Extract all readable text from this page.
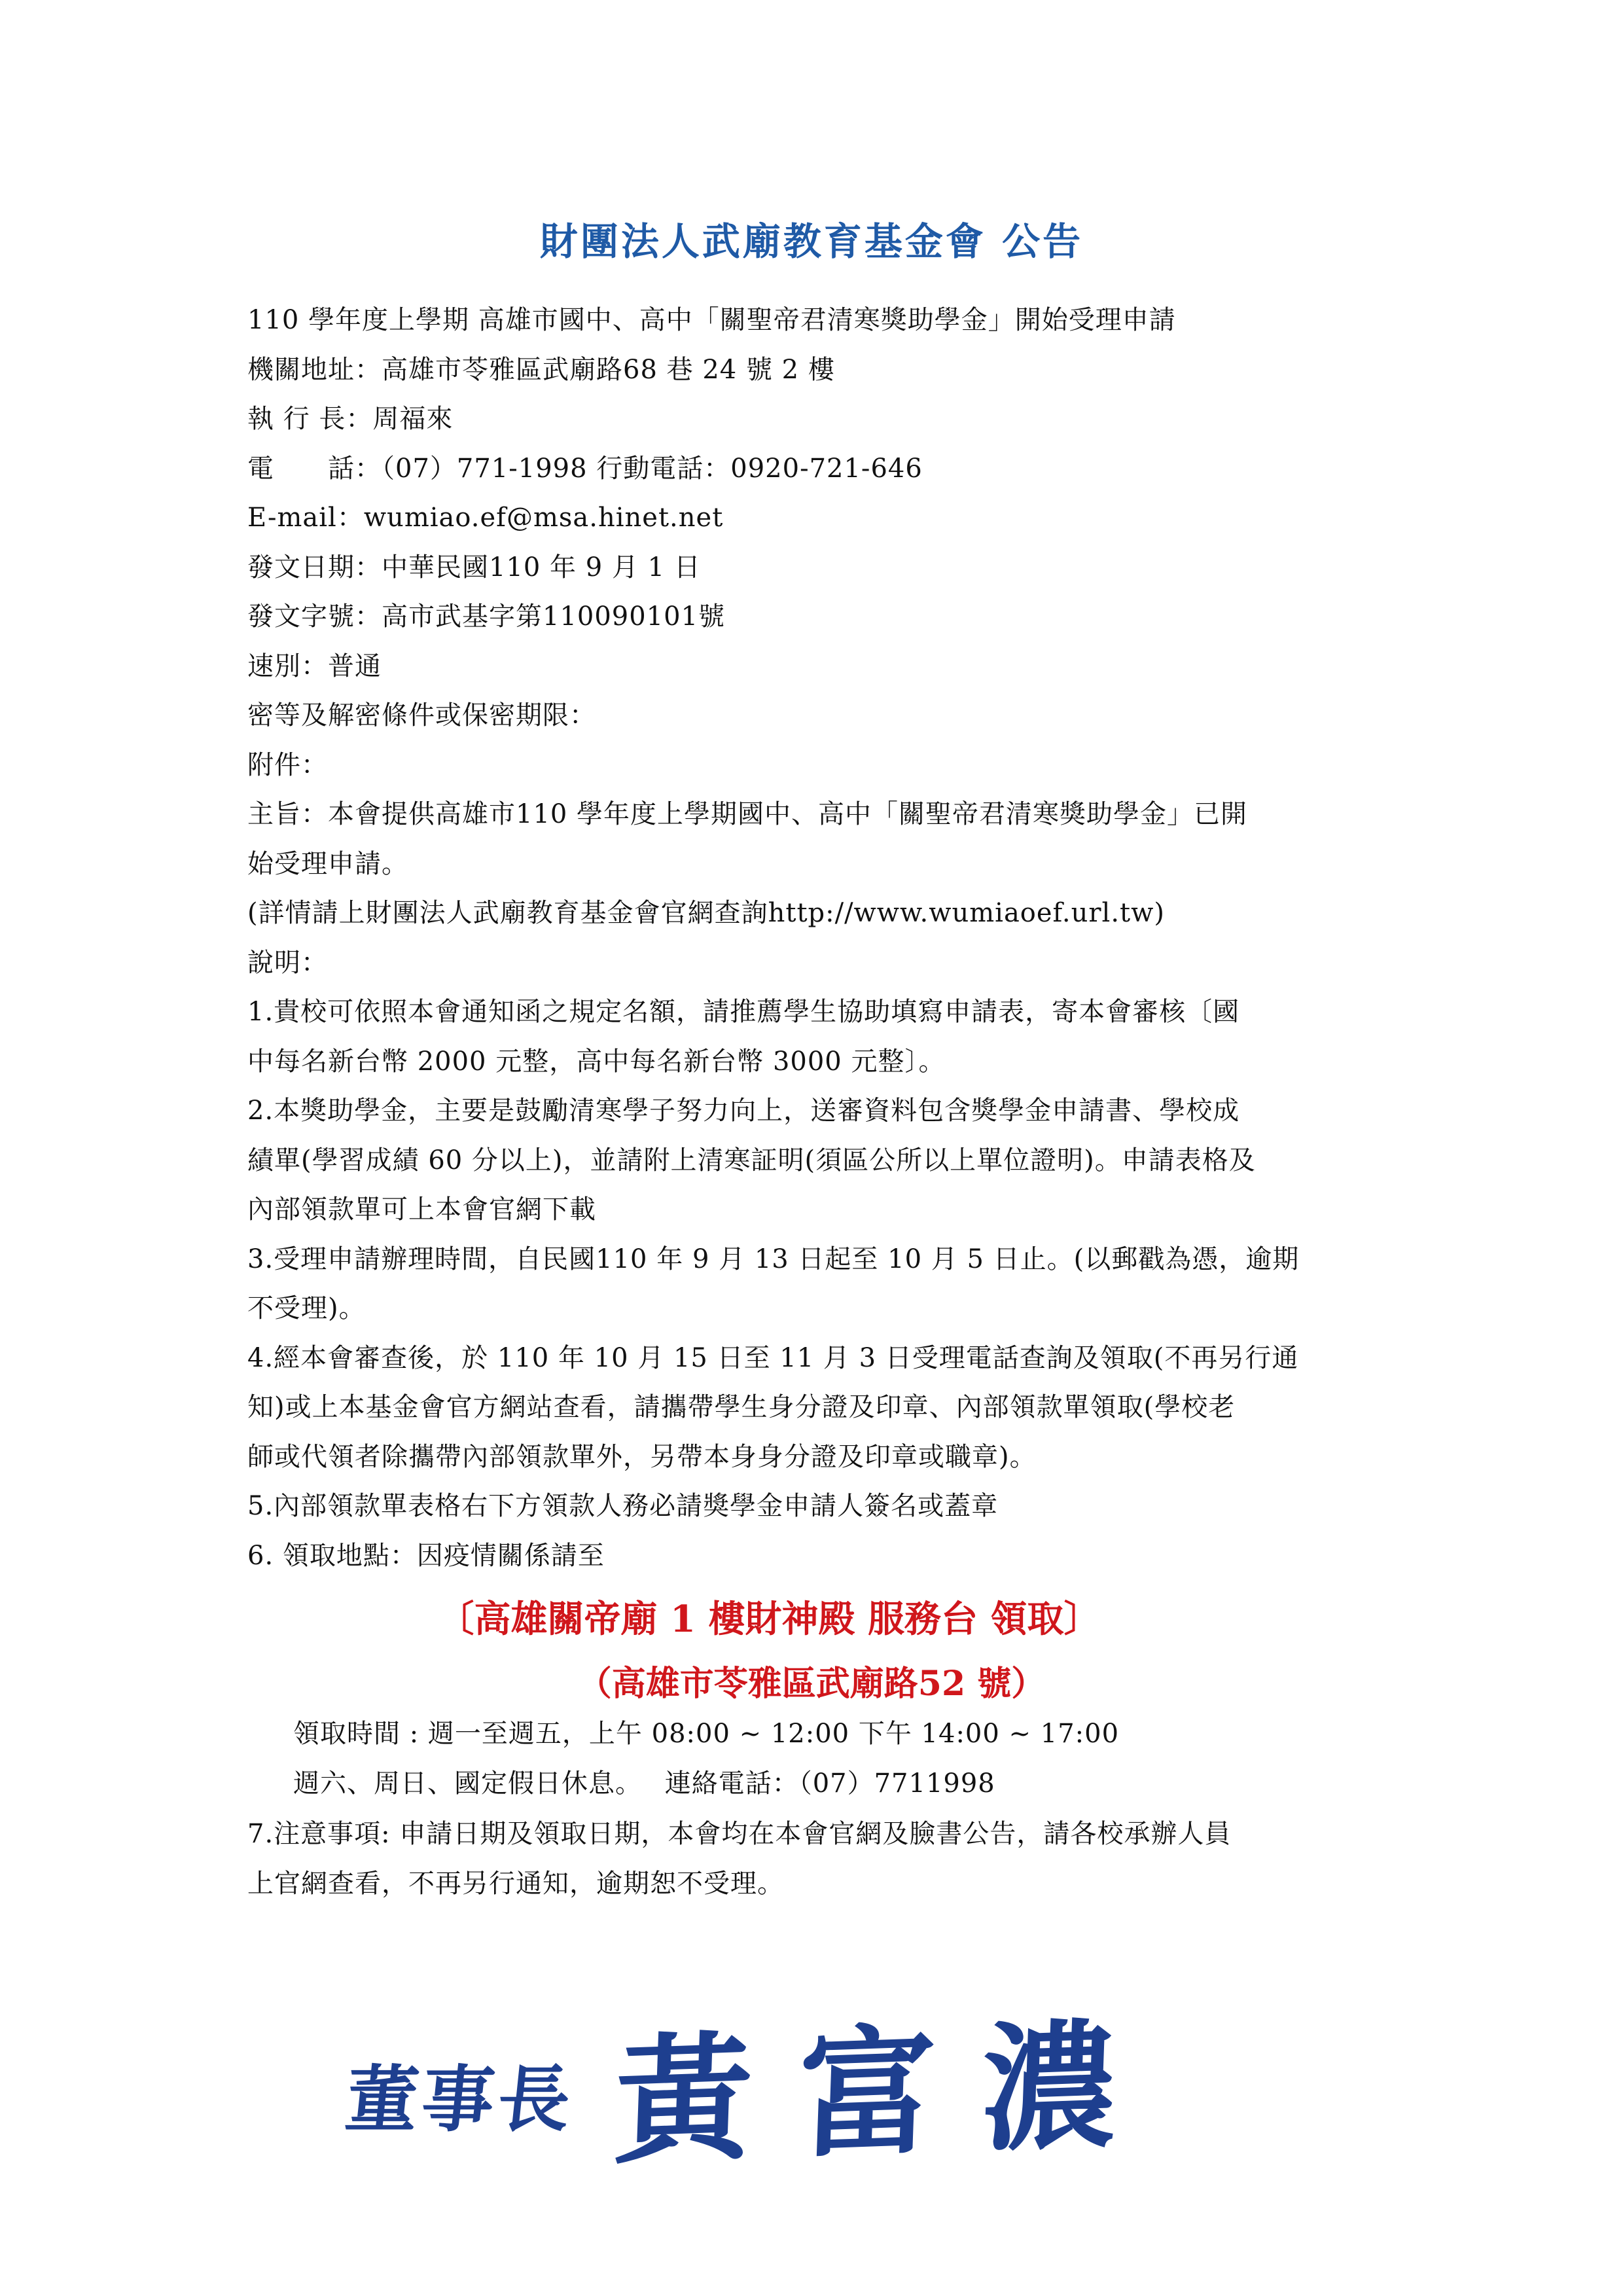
財團法人武廟教育基金會 公告
110 學年度上學期 高雄市國中、高中「關聖帝君清寒獎助學金」開始受理申請
機關地址：高雄市苓雅區武廟路68 巷 24 號 2 樓
執 行 長：周福來
電　　話：（07）771-1998 行動電話：0920-721-646
E-mail：wumiao.ef@msa.hinet.net
發文日期：中華民國110 年 9 月 1 日
發文字號：高市武基字第110090101號
速別：普通
密等及解密條件或保密期限：
附件：
主旨：本會提供高雄市110 學年度上學期國中、高中「關聖帝君清寒獎助學金」已開
始受理申請。
(詳情請上財團法人武廟教育基金會官網查詢http://www.wumiaoef.url.tw)
說明：
1.貴校可依照本會通知函之規定名額，請推薦學生協助填寫申請表，寄本會審核〔國
中每名新台幣 2000 元整，高中每名新台幣 3000 元整〕。
2.本獎助學金，主要是鼓勵清寒學子努力向上，送審資料包含獎學金申請書、學校成
績單(學習成績 60 分以上)，並請附上清寒証明(須區公所以上單位證明)。申請表格及
內部領款單可上本會官網下載
3.受理申請辦理時間，自民國110 年 9 月 13 日起至 10 月 5 日止。(以郵戳為憑，逾期
不受理)。
4.經本會審查後，於 110 年 10 月 15 日至 11 月 3 日受理電話查詢及領取(不再另行通
知)或上本基金會官方網站查看，請攜帶學生身分證及印章、內部領款單領取(學校老
師或代領者除攜帶內部領款單外，另帶本身身分證及印章或職章)。
5.內部領款單表格右下方領款人務必請獎學金申請人簽名或蓋章
6. 領取地點：因疫情關係請至
〔高雄關帝廟 1 樓財神殿 服務台 領取〕
（高雄市苓雅區武廟路52 號）
領取時間 : 週一至週五，上午 08:00 ~ 12:00 下午 14:00 ~ 17:00
週六、周日、國定假日休息。　 連絡電話：（07）7711998
7.注意事項: 申請日期及領取日期，本會均在本會官網及臉書公告，請各校承辦人員
上官網查看，不再另行通知，逾期恕不受理。
董事長 黃富濃
